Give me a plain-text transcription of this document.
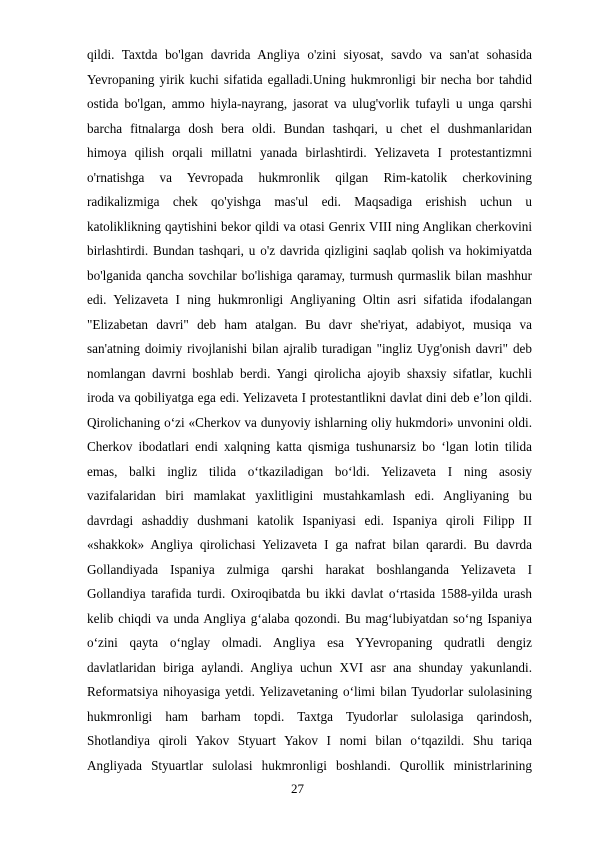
qildi. Taxtda bo'lgan davrida Angliya o'zini siyosat, savdo va san'at sohasida
Yevropaning yirik kuchi sifatida egalladi.Uning hukmronligi bir necha bor tahdid
ostida bo'lgan, ammo hiyla-nayrang, jasorat va ulug'vorlik tufayli u unga qarshi
barcha fitnalarga dosh bera oldi. Bundan tashqari, u chet el dushmanlaridan
himoya qilish orqali millatni yanada birlashtirdi. Yelizaveta I protestantizmni
o'rnatishga va Yevropada hukmronlik qilgan Rim-katolik cherkovining
radikalizmiga chek qo'yishga mas'ul edi. Maqsadiga erishish uchun u
katolikliknіng qaytishini bekor qildi va otasi Genrix VIII ning Anglikan cherkovini
birlashtirdi. Bundan tashqari, u o'z davrida qizligini saqlab qolish va hokimiyatda
bo'lganida qancha sovchilar bo'lishiga qaramay, turmush qurmaslik bilan mashhur
edi. Yelizaveta I ning hukmronligi Angliyaning Oltin asri sifatida ifodalangan
"Elizabetan davri" deb ham atalgan. Bu davr she'riyat, adabiyot, musiqa va
san'atning doimiy rivojlanishi bilan ajralib turadigan "ingliz Uyg'onish davri" deb
nomlangan davrni boshlab berdi. Yangi qirolicha ajoyib shaxsiy sifatlar, kuchli
iroda va qobiliyatga ega edi. Yelizaveta I protestantlikni davlat dini deb e’lon qildi.
Qirolichaning oʻzi «Cherkov va dunyoviy ishlarning oliy hukmdori» unvonini oldi.
Cherkov ibodatlari endi xalqning katta qismiga tushunarsiz bo ʻlgan lotin tilida
emas, balki ingliz tilida oʻtkaziladigan boʻldi. Yelizaveta I ning asosiy
vazifalaridan biri mamlakat yaxlitligini mustahkamlash edi. Angliyaning bu
davrdagi ashaddiy dushmani katolik Ispaniyasi edi. Ispaniya qiroli Filipp II
«shakkok» Angliya qirolichasi Yelizaveta I ga nafrat bilan qarardi. Bu davrda
Gollandiyada Ispaniya zulmiga qarshi harakat boshlanganda Yelizaveta I
Gollandiya tarafida turdi. Oxiroqibatda bu ikki davlat oʻrtasida 1588-yilda urash
kelib chiqdi va unda Angliya gʻalaba qozondi. Bu magʻlubiyatdan soʻng Ispaniya
oʻzini qayta oʻnglay olmadi. Angliya esa YYevropaning qudratli dengiz
davlatlaridan biriga aylandi. Angliya uchun XVI asr ana shunday yakunlandi.
Reformatsiya nihoyasiga yetdi. Yelizavetaning oʻlimi bilan Tyudorlar sulolasining
hukmronligi ham barham topdi. Taxtga Tyudorlar sulolasiga qarindosh,
Shotlandiya qiroli Yakov Styuart Yakov I nomi bilan oʻtqazildi. Shu tariqa
Angliyada Styuartlar sulolasi hukmronligi boshlandi. Qurollik ministrlarining
27
